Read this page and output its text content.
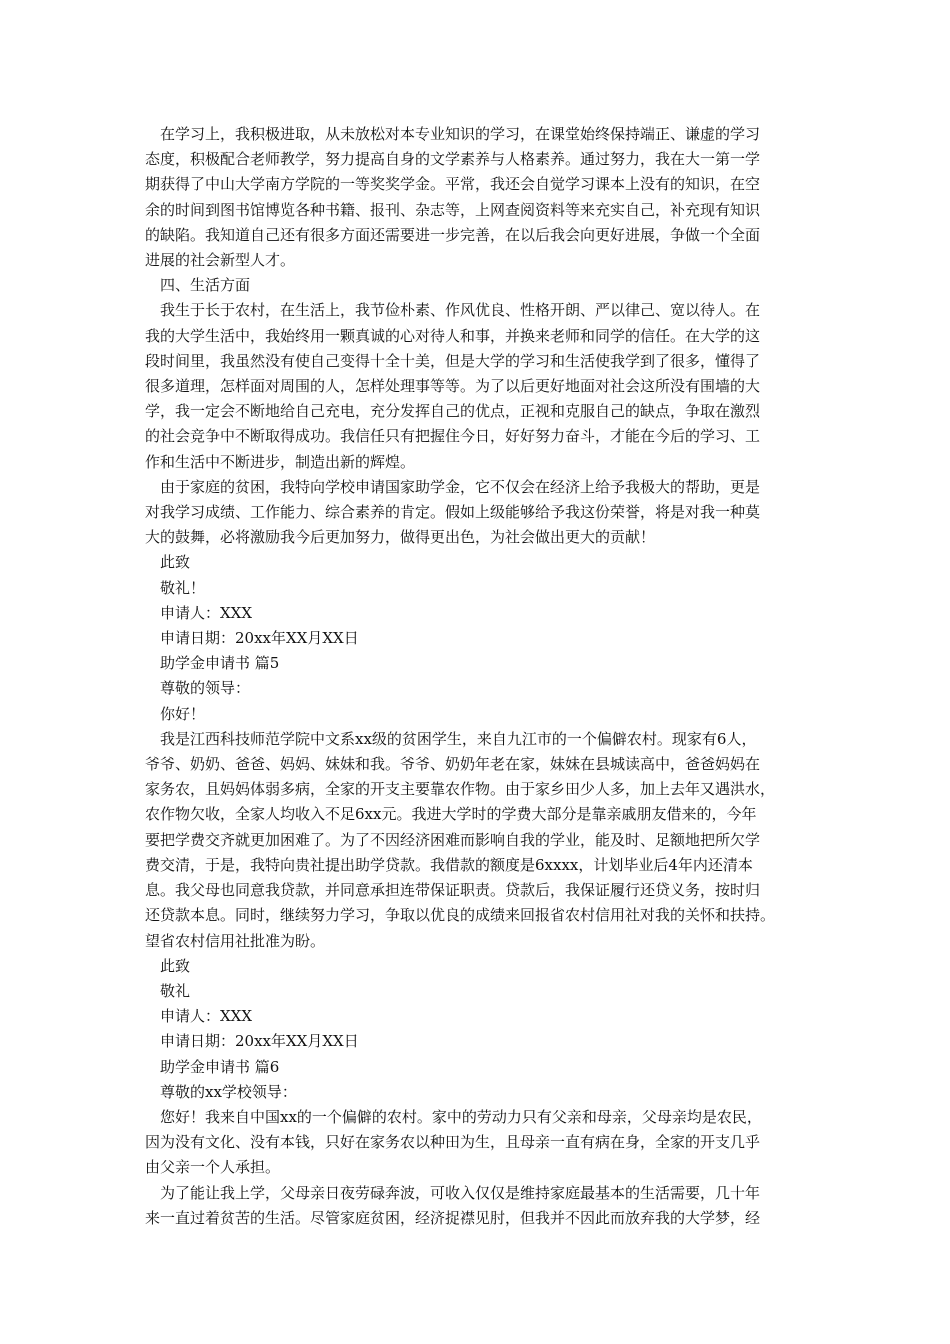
在学习上，我积极进取，从未放松对本专业知识的学习，在课堂始终保持端正、谦虚的学习
态度，积极配合老师教学，努力提高自身的文学素养与人格素养。通过努力，我在大一第一学
期获得了中山大学南方学院的一等奖奖学金。平常，我还会自觉学习课本上没有的知识，在空
余的时间到图书馆博览各种书籍、报刊、杂志等，上网查阅资料等来充实自己，补充现有知识
的缺陷。我知道自己还有很多方面还需要进一步完善，在以后我会向更好进展，争做一个全面
进展的社会新型人才。
四、生活方面
我生于长于农村，在生活上，我节俭朴素、作风优良、性格开朗、严以律己、宽以待人。在
我的大学生活中，我始终用一颗真诚的心对待人和事，并换来老师和同学的信任。在大学的这
段时间里，我虽然没有使自己变得十全十美，但是大学的学习和生活使我学到了很多，懂得了
很多道理，怎样面对周围的人，怎样处理事等等。为了以后更好地面对社会这所没有围墙的大
学，我一定会不断地给自己充电，充分发挥自己的优点，正视和克服自己的缺点，争取在激烈
的社会竞争中不断取得成功。我信任只有把握住今日，好好努力奋斗，才能在今后的学习、工
作和生活中不断进步，制造出新的辉煌。
由于家庭的贫困，我特向学校申请国家助学金，它不仅会在经济上给予我极大的帮助，更是
对我学习成绩、工作能力、综合素养的肯定。假如上级能够给予我这份荣誉，将是对我一种莫
大的鼓舞，必将激励我今后更加努力，做得更出色，为社会做出更大的贡献！
此致
敬礼！
申请人：XXX
申请日期：20xx年XX月XX日
助学金申请书 篇5
尊敬的领导：
你好！
我是江西科技师范学院中文系xx级的贫困学生，来自九江市的一个偏僻农村。现家有6人，
爷爷、奶奶、爸爸、妈妈、妹妹和我。爷爷、奶奶年老在家，妹妹在县城读高中，爸爸妈妈在
家务农，且妈妈体弱多病，全家的开支主要靠农作物。由于家乡田少人多，加上去年又遇洪水，
农作物欠收，全家人均收入不足6xx元。我进大学时的学费大部分是靠亲戚朋友借来的，今年
要把学费交齐就更加困难了。为了不因经济困难而影响自我的学业，能及时、足额地把所欠学
费交清，于是，我特向贵社提出助学贷款。我借款的额度是6xxxx，计划毕业后4年内还清本
息。我父母也同意我贷款，并同意承担连带保证职责。贷款后，我保证履行还贷义务，按时归
还贷款本息。同时，继续努力学习，争取以优良的成绩来回报省农村信用社对我的关怀和扶持。
望省农村信用社批准为盼。
此致
敬礼
申请人：XXX
申请日期：20xx年XX月XX日
助学金申请书 篇6
尊敬的xx学校领导：
您好！我来自中国xx的一个偏僻的农村。家中的劳动力只有父亲和母亲，父母亲均是农民，
因为没有文化、没有本钱，只好在家务农以种田为生，且母亲一直有病在身，全家的开支几乎
由父亲一个人承担。
为了能让我上学，父母亲日夜劳碌奔波，可收入仅仅是维持家庭最基本的生活需要，几十年
来一直过着贫苦的生活。尽管家庭贫困，经济捉襟见肘，但我并不因此而放弃我的大学梦，经
